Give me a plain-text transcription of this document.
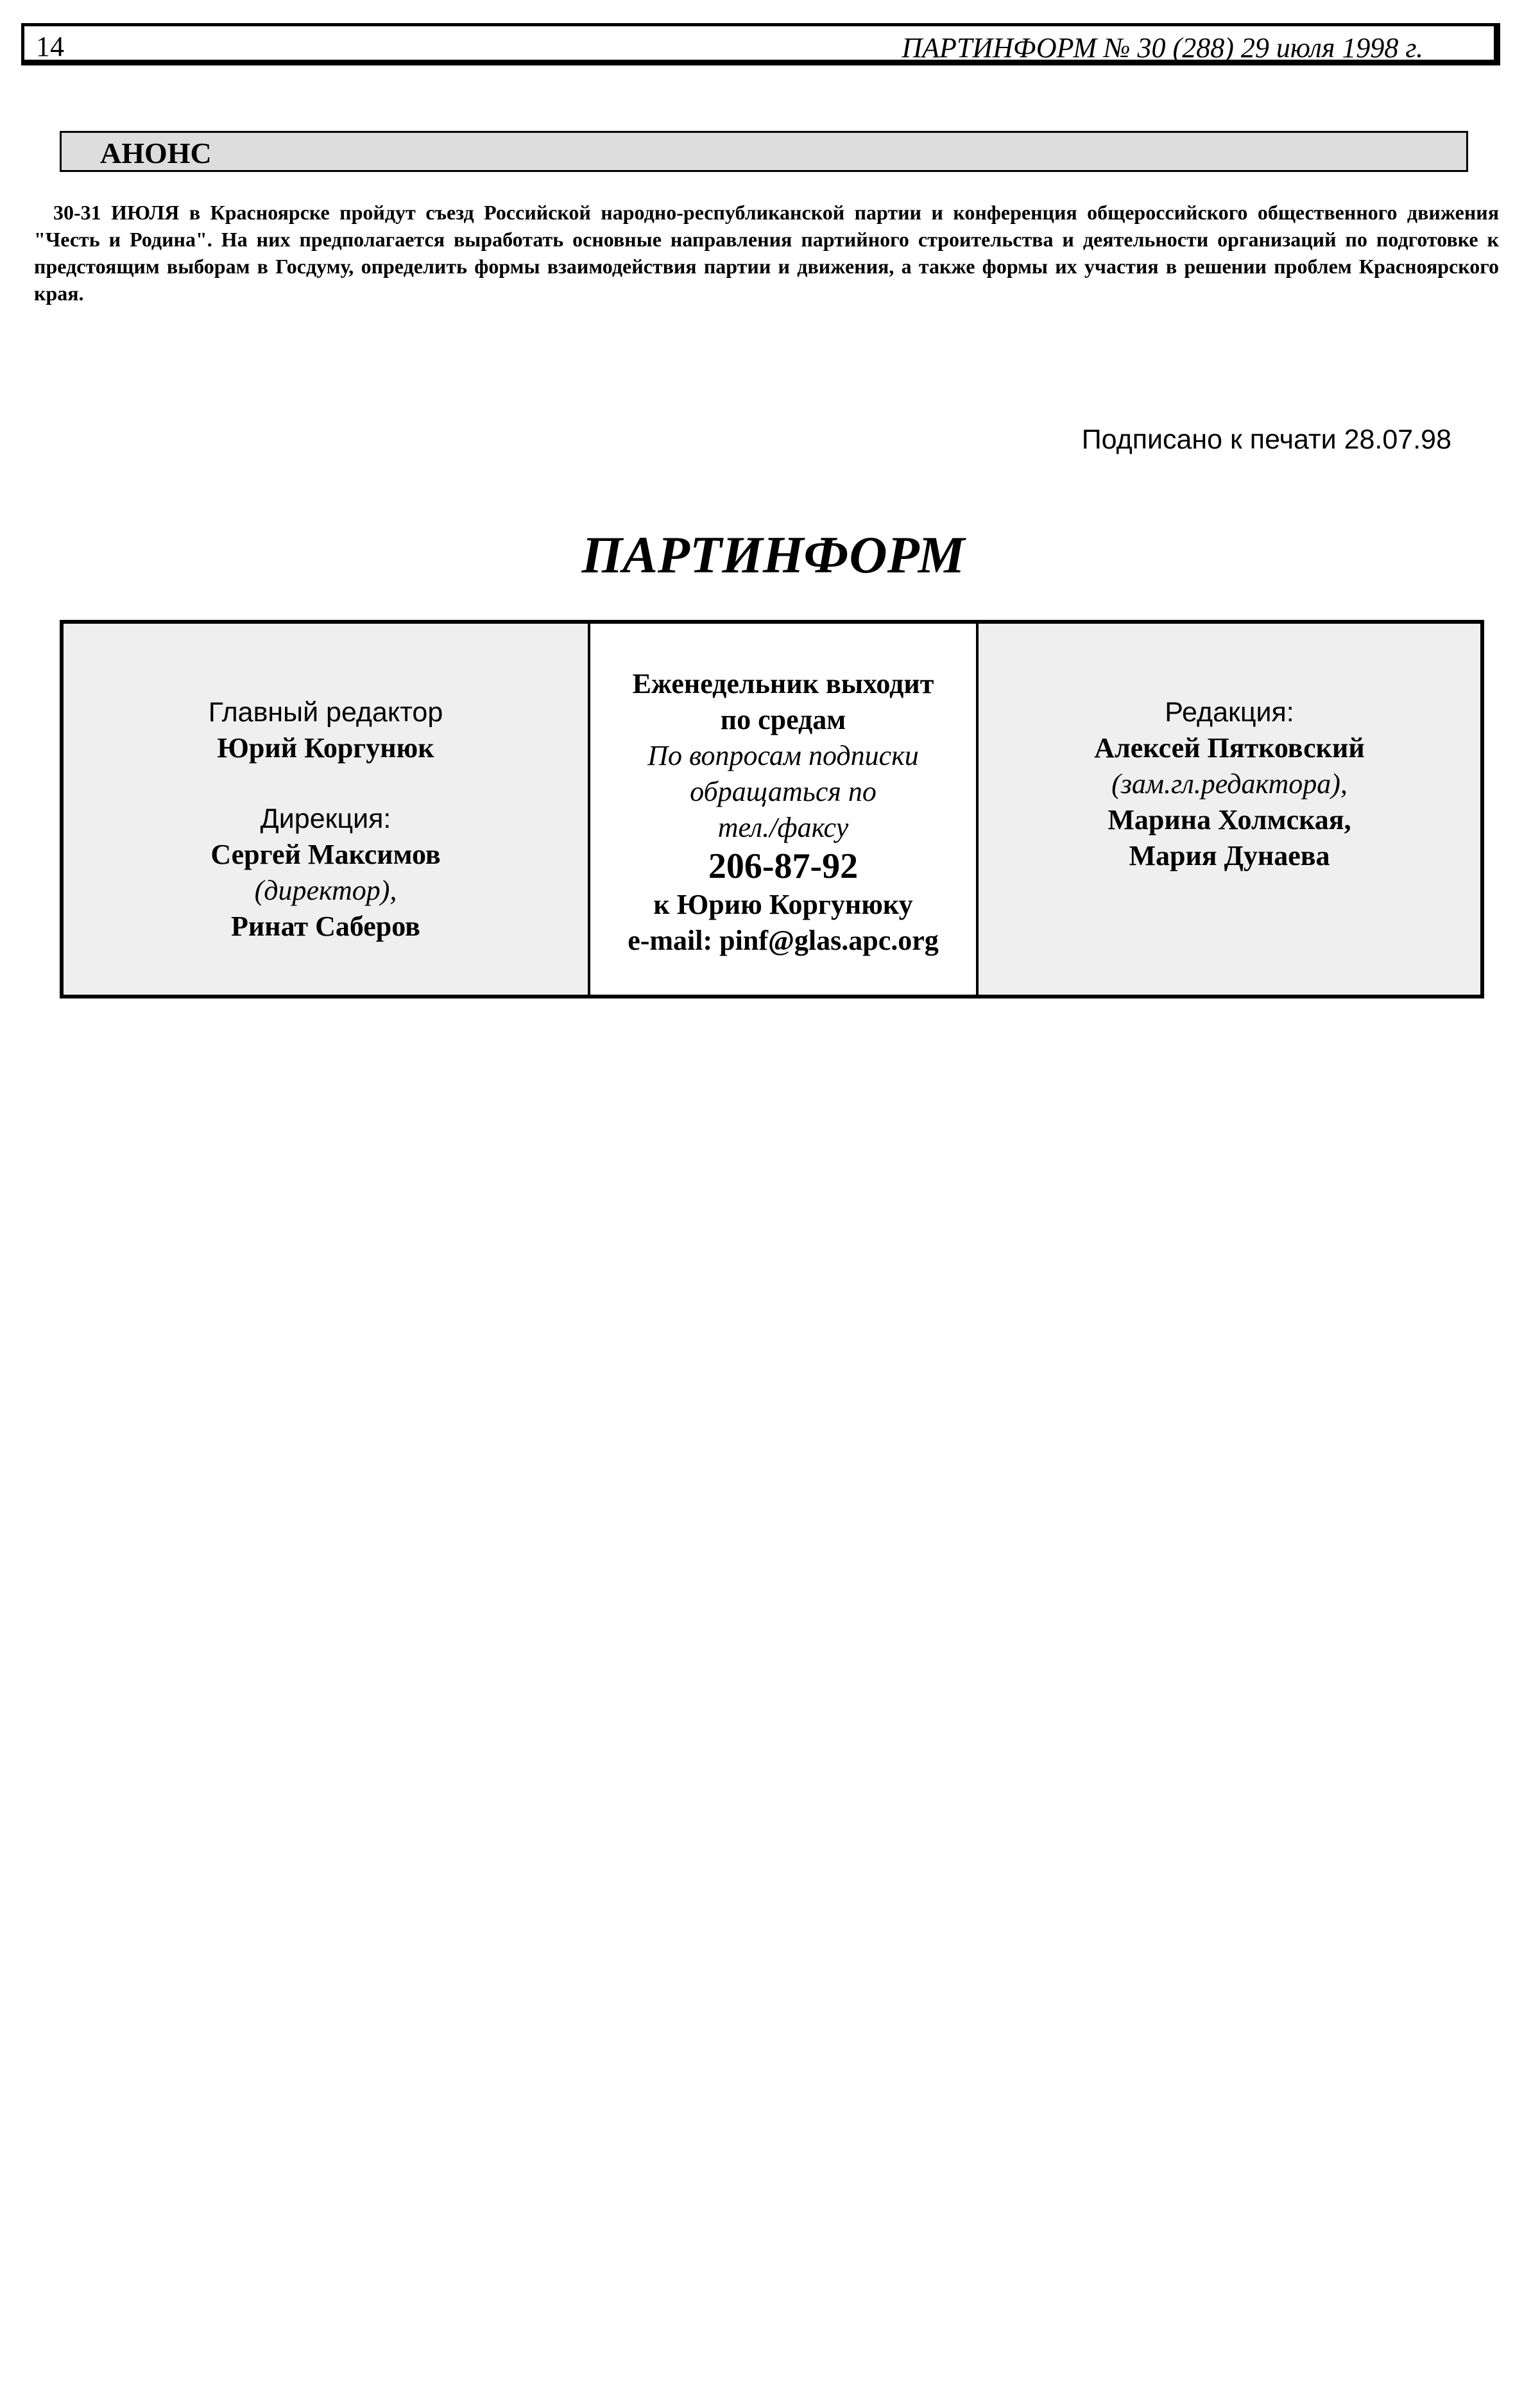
14	ПАРТИНФОРМ № 30 (288) 29 июля 1998 г.
АНОНС
30-31 ИЮЛЯ в Красноярске пройдут съезд Российской народно-республиканской партии и конференция общероссийского общественного движения "Честь и Родина". На них предполагается выработать основные направления партийного строительства и деятельности организаций по подготовке к предстоящим выборам в Госдуму, определить формы взаимодействия партии и движения, а также формы их участия в решении проблем Красноярского края.
Подписано к печати 28.07.98
ПАРТИНФОРМ
Главный редактор
Юрий Коргунюк
Дирекция:
Сергей Максимов
(директор),
Ринат Саберов
Еженедельник выходит
по средам
По вопросам подписки
обращаться по
тел./факсу
206-87-92
к Юрию Коргунюку
e-mail: pinf@glas.apc.org
Редакция:
Алексей Пятковский
(зам.гл.редактора),
Марина Холмская,
Мария Дунаева
